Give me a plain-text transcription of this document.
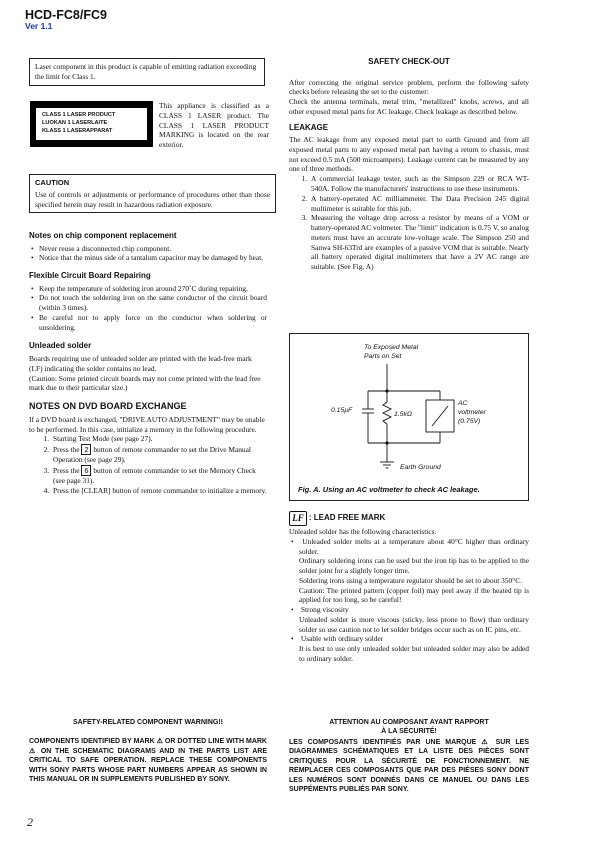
HCD-FC8/FC9
Ver 1.1

Laser component in this product is capable of emitting radiation exceeding the limit for Class 1.

CLASS 1 LASER PRODUCT
LUOKAN 1 LASERLAITE
KLASS 1 LASERAPPARAT
This appliance is classified as a CLASS 1 LASER product. The CLASS 1 LASER PRODUCT MARKING is located on the rear exterior.
CAUTION

Use of controls or adjustments or performance of procedures other than those specified herein may result in hazardous radiation exposure.

Notes on chip component replacement
• Never reuse a disconnected chip component.
• Notice that the minus side of a tantalum capacitor may be damaged by heat.
Flexible Circuit Board Repairing
• Keep the temperature of soldering iron around 270˚C during repairing.
• Do not touch the soldering iron on the same conductor of the circuit board (within 3 times).
• Be careful not to apply force on the conductor when soldering or unsoldering.
Unleaded solder

Boards requiring use of unleaded solder are printed with the lead-free mark (LF) indicating the solder contains no lead.

(Caution: Some printed circuit boards may not come printed with the lead free mark due to their particular size.)

NOTES ON DVD BOARD EXCHANGE

If a DVD board is exchanged, "DRIVE AUTO ADJUSTMENT" may be unable to be performed. In this case, initialize a memory in the following procedure.

1. Starting Test Mode (see page 27).
2. Press the 2 button of remote commander to set the Drive Manual Operation (see page 29).
3. Press the 6 button of remote commander to set the Memory Check (see page 31).
4. Press the [CLEAR] button of remote commander to initialize a memory.
SAFETY CHECK-OUT

After correcting the original service problem, perform the following safety checks before releasing the set to the customer:

Check the antenna terminals, metal trim, "metallized" knobs, screws, and all other exposed metal parts for AC leakage. Check leakage as described below.

LEAKAGE

The AC leakage from any exposed metal part to earth Ground and from all exposed metal parts to any exposed metal part having a return to chassis, must not exceed 0.5 mA (500 microampers). Leakage current can be measured by any one of three methods.

1. A commercial leakage tester, such as the Simpson 229 or RCA WT-540A. Follow the manufacturers' instructions to use these instruments.
2. A battery-operated AC milliammeter. The Data Precision 245 digital multimeter is suitable for this job.
3. Measuring the voltage drop across a resistor by means of a VOM or battery-operated AC voltmeter. The "limit" indication is 0.75 V, so analog meters must have an accurate low-voltage scale. The Simpson 250 and Sanwa SH-63Trd are examples of a passive VOM that is suitable. Nearly all battery operated digital multimeters that have a 2V AC range are suitable. (See Fig. A)
To Exposed Metal
Parts on Set
0.15µF
1.5kΩ
AC
voltmeter
(0.75V)
Earth Ground
Fig. A. Using an AC voltmeter to check AC leakage.
LF : LEAD FREE MARK

Unleaded solder has the following characteristics.

• Unleaded solder melts at a temperature about 40°C higher than ordinary solder.
Ordinary soldering irons can be used but the iron tip has to be applied to the solder joint for a slightly longer time.
Soldering irons using a temperature regulator should be set to about 350°C.
Caution: The printed pattern (copper foil) may peel away if the heated tip is applied for too long, so be careful!
• Strong viscosity
Unleaded solder is more viscous (sticky, less prone to flow) than ordinary solder so use caution not to let solder bridges occur such as on IC pins, etc.
• Usable with ordinary solder
It is best to use only unleaded solder but unleaded solder may also be added to ordinary solder.
SAFETY-RELATED COMPONENT WARNING!!
COMPONENTS IDENTIFIED BY MARK ⚠ OR DOTTED LINE WITH MARK ⚠ ON THE SCHEMATIC DIAGRAMS AND IN THE PARTS LIST ARE CRITICAL TO SAFE OPERATION. REPLACE THESE COMPONENTS WITH SONY PARTS WHOSE PART NUMBERS APPEAR AS SHOWN IN THIS MANUAL OR IN SUPPLEMENTS PUBLISHED BY SONY.
ATTENTION AU COMPOSANT AYANT RAPPORT
À LA SÉCURITÉ!
LES COMPOSANTS IDENTIFIÉS PAR UNE MARQUE ⚠ SUR LES DIAGRAMMES SCHÉMATIQUES ET LA LISTE DES PIÈCES SONT CRITIQUES POUR LA SÉCURITÉ DE FONCTIONNEMENT. NE REMPLACER CES COMPOSANTS QUE PAR DES PIÈSES SONY DONT LES NUMÉROS SONT DONNÉS DANS CE MANUEL OU DANS LES SUPPÉMENTS PUBLIÉS PAR SONY.
2
